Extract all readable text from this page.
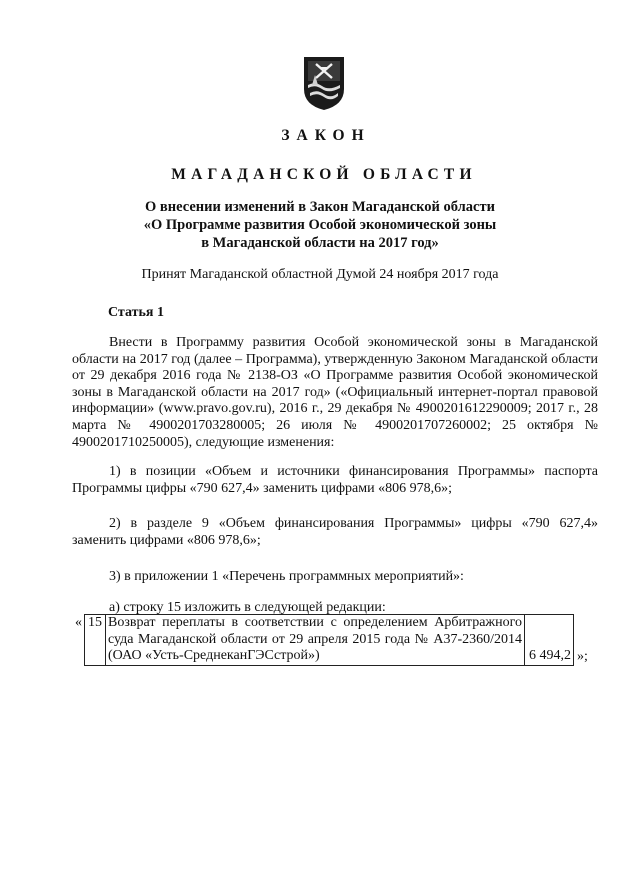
ЗАКОН
МАГАДАНСКОЙ ОБЛАСТИ
О внесении изменений в Закон Магаданской области
«О Программе развития Особой экономической зоны
в Магаданской области на 2017 год»
Принят Магаданской областной Думой 24 ноября 2017 года
Статья 1
Внести в Программу развития Особой экономической зоны в Магаданской области на 2017 год (далее – Программа), утвержденную Законом Магаданской области от 29 декабря 2016 года № 2138-ОЗ «О Программе развития Особой экономической зоны в Магаданской области на 2017 год» («Официальный интернет-портал правовой информации» (www.pravo.gov.ru), 2016 г., 29 декабря № 4900201612290009; 2017 г., 28 марта № 4900201703280005; 26 июля № 4900201707260002; 25 октября № 4900201710250005), следующие изменения:
1) в позиции «Объем и источники финансирования Программы» паспорта Программы цифры «790 627,4» заменить цифрами «806 978,6»;
2) в разделе 9 «Объем финансирования Программы» цифры «790 627,4» заменить цифрами «806 978,6»;
3) в приложении 1 «Перечень программных мероприятий»:
а) строку 15 изложить в следующей редакции:
«	15	Возврат переплаты в соответствии с определением Арбитражного суда Магаданской области от 29 апреля 2015 года № А37-2360/2014 (ОАО «Усть-СреднеканГЭСстрой»)	6 494,2	»;
